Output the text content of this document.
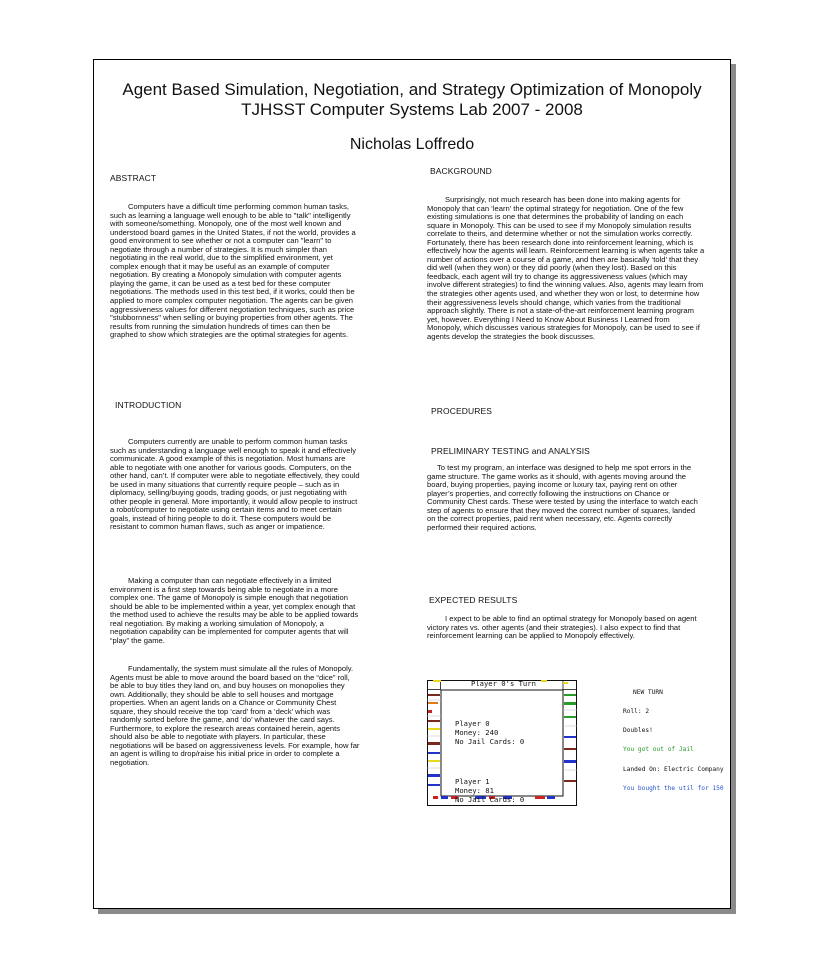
Agent Based Simulation, Negotiation, and Strategy Optimization of Monopoly
TJHSST Computer Systems Lab 2007 - 2008
Nicholas Loffredo
ABSTRACT

Computers have a difficult time performing common human tasks, such as learning a language well enough to be able to "talk" intelligently with someone/something. Monopoly, one of the most well known and understood board games in the United States, if not the world, provides a good environment to see whether or not a computer can "learn" to negotiate through a number of strategies. It is much simpler than negotiating in the real world, due to the simplified environment, yet complex enough that it may be useful as an example of computer negotiation. By creating a Monopoly simulation with computer agents playing the game, it can be used as a test bed for these computer negotiations. The methods used in this test bed, if it works, could then be applied to more complex computer negotiation. The agents can be given aggressiveness values for different negotiation techniques, such as price "stubbornness" when selling or buying properties from other agents. The results from running the simulation hundreds of times can then be graphed to show which strategies are the optimal strategies for agents.

INTRODUCTION

Computers currently are unable to perform common human tasks such as understanding a language well enough to speak it and effectively communicate. A good example of this is negotiation. Most humans are able to negotiate with one another for various goods. Computers, on the other hand, can’t. If computer were able to negotiate effectively, they could be used in many situations that currently require people – such as in diplomacy, selling/buying goods, trading goods, or just negotiating with other people in general. More importantly, it would allow people to instruct a robot/computer to negotiate using certain items and to meet certain goals, instead of hiring people to do it. These computers would be resistant to common human flaws, such as anger or impatience.

Making a computer than can negotiate effectively in a limited environment is a first step towards being able to negotiate in a more complex one. The game of Monopoly is simple enough that negotiation should be able to be implemented within a year, yet complex enough that the method used to achieve the results may be able to be applied towards real negotiation. By making a working simulation of Monopoly, a negotiation capability can be implemented for computer agents that will “play” the game.

Fundamentally, the system must simulate all the rules of Monopoly. Agents must be able to move around the board based on the “dice” roll, be able to buy titles they land on, and buy houses on monopolies they own. Additionally, they should be able to sell houses and mortgage properties. When an agent lands on a Chance or Community Chest square, they should receive the top ‘card’ from a ‘deck’ which was randomly sorted before the game, and ‘do’ whatever the card says. Furthermore, to explore the research areas contained herein, agents should also be able to negotiate with players. In particular, these negotiations will be based on aggressiveness levels. For example, how far an agent is willing to drop/raise his initial price in order to complete a negotiation.

BACKGROUND

Surprisingly, not much research has been done into making agents for Monopoly that can ‘learn’ the optimal strategy for negotiation. One of the few existing simulations is one that determines the probability of landing on each square in Monopoly. This can be used to see if my Monopoly simulation results correlate to theirs, and determine whether or not the simulation works correctly. Fortunately, there has been research done into reinforcement learning, which is effectively how the agents will learn. Reinforcement learning is when agents take a number of actions over a course of a game, and then are basically ‘told’ that they did well (when they won) or they did poorly (when they lost). Based on this feedback, each agent will try to change its aggressiveness values (which may involve different strategies) to find the winning values. Also, agents may learn from the strategies other agents used, and whether they won or lost, to determine how their aggressiveness levels should change, which varies from the traditional approach slightly. There is not a state-of-the-art reinforcement learning program yet, however. Everything I Need to Know About Business I Learned from Monopoly, which discusses various strategies for Monopoly, can be used to see if agents develop the strategies the book discusses.

PROCEDURES
PRELIMINARY TESTING and ANALYSIS

To test my program, an interface was designed to help me spot errors in the game structure. The game works as it should, with agents moving around the board, buying properties, paying income or luxury tax, paying rent on other player’s properties, and correctly following the instructions on Chance or Community Chest cards. These were tested by using the interface to watch each step of agents to ensure that they moved the correct number of squares, landed on the correct properties, paid rent when necessary, etc. Agents correctly performed their required actions.

EXPECTED RESULTS

I expect to be able to find an optimal strategy for Monopoly based on agent victory rates vs. other agents (and their strategies). I also expect to find that reinforcement learning can be applied to Monopoly effectively.

Player 0's Turn
Player 0
Money: 240
No Jail Cards: 0
Player 1
Money: 81
No Jail Cards: 0

NEW TURN

Roll: 2

Doubles!

You got out of Jail

Landed On: Electric Company

You bought the util for 150
